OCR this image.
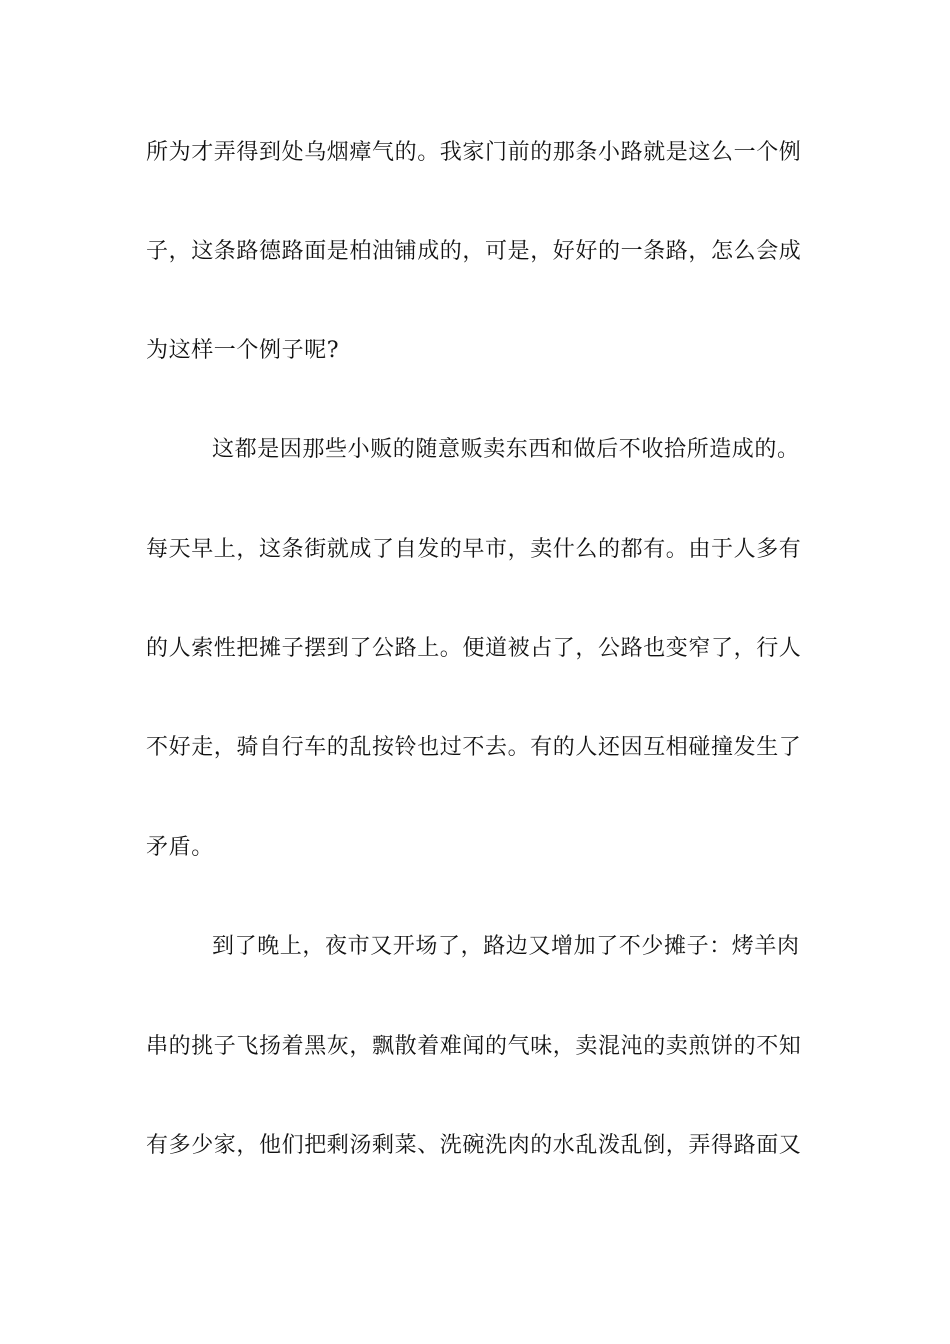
所为才弄得到处乌烟瘴气的。我家门前的那条小路就是这么一个例
子，这条路德路面是柏油铺成的，可是，好好的一条路，怎么会成
为这样一个例子呢?
这都是因那些小贩的随意贩卖东西和做后不收拾所造成的。
每天早上，这条街就成了自发的早市，卖什么的都有。由于人多有
的人索性把摊子摆到了公路上。便道被占了，公路也变窄了，行人
不好走，骑自行车的乱按铃也过不去。有的人还因互相碰撞发生了
矛盾。
到了晚上，夜市又开场了，路边又增加了不少摊子：烤羊肉
串的挑子飞扬着黑灰，飘散着难闻的气味，卖混沌的卖煎饼的不知
有多少家，他们把剩汤剩菜、洗碗洗肉的水乱泼乱倒，弄得路面又
